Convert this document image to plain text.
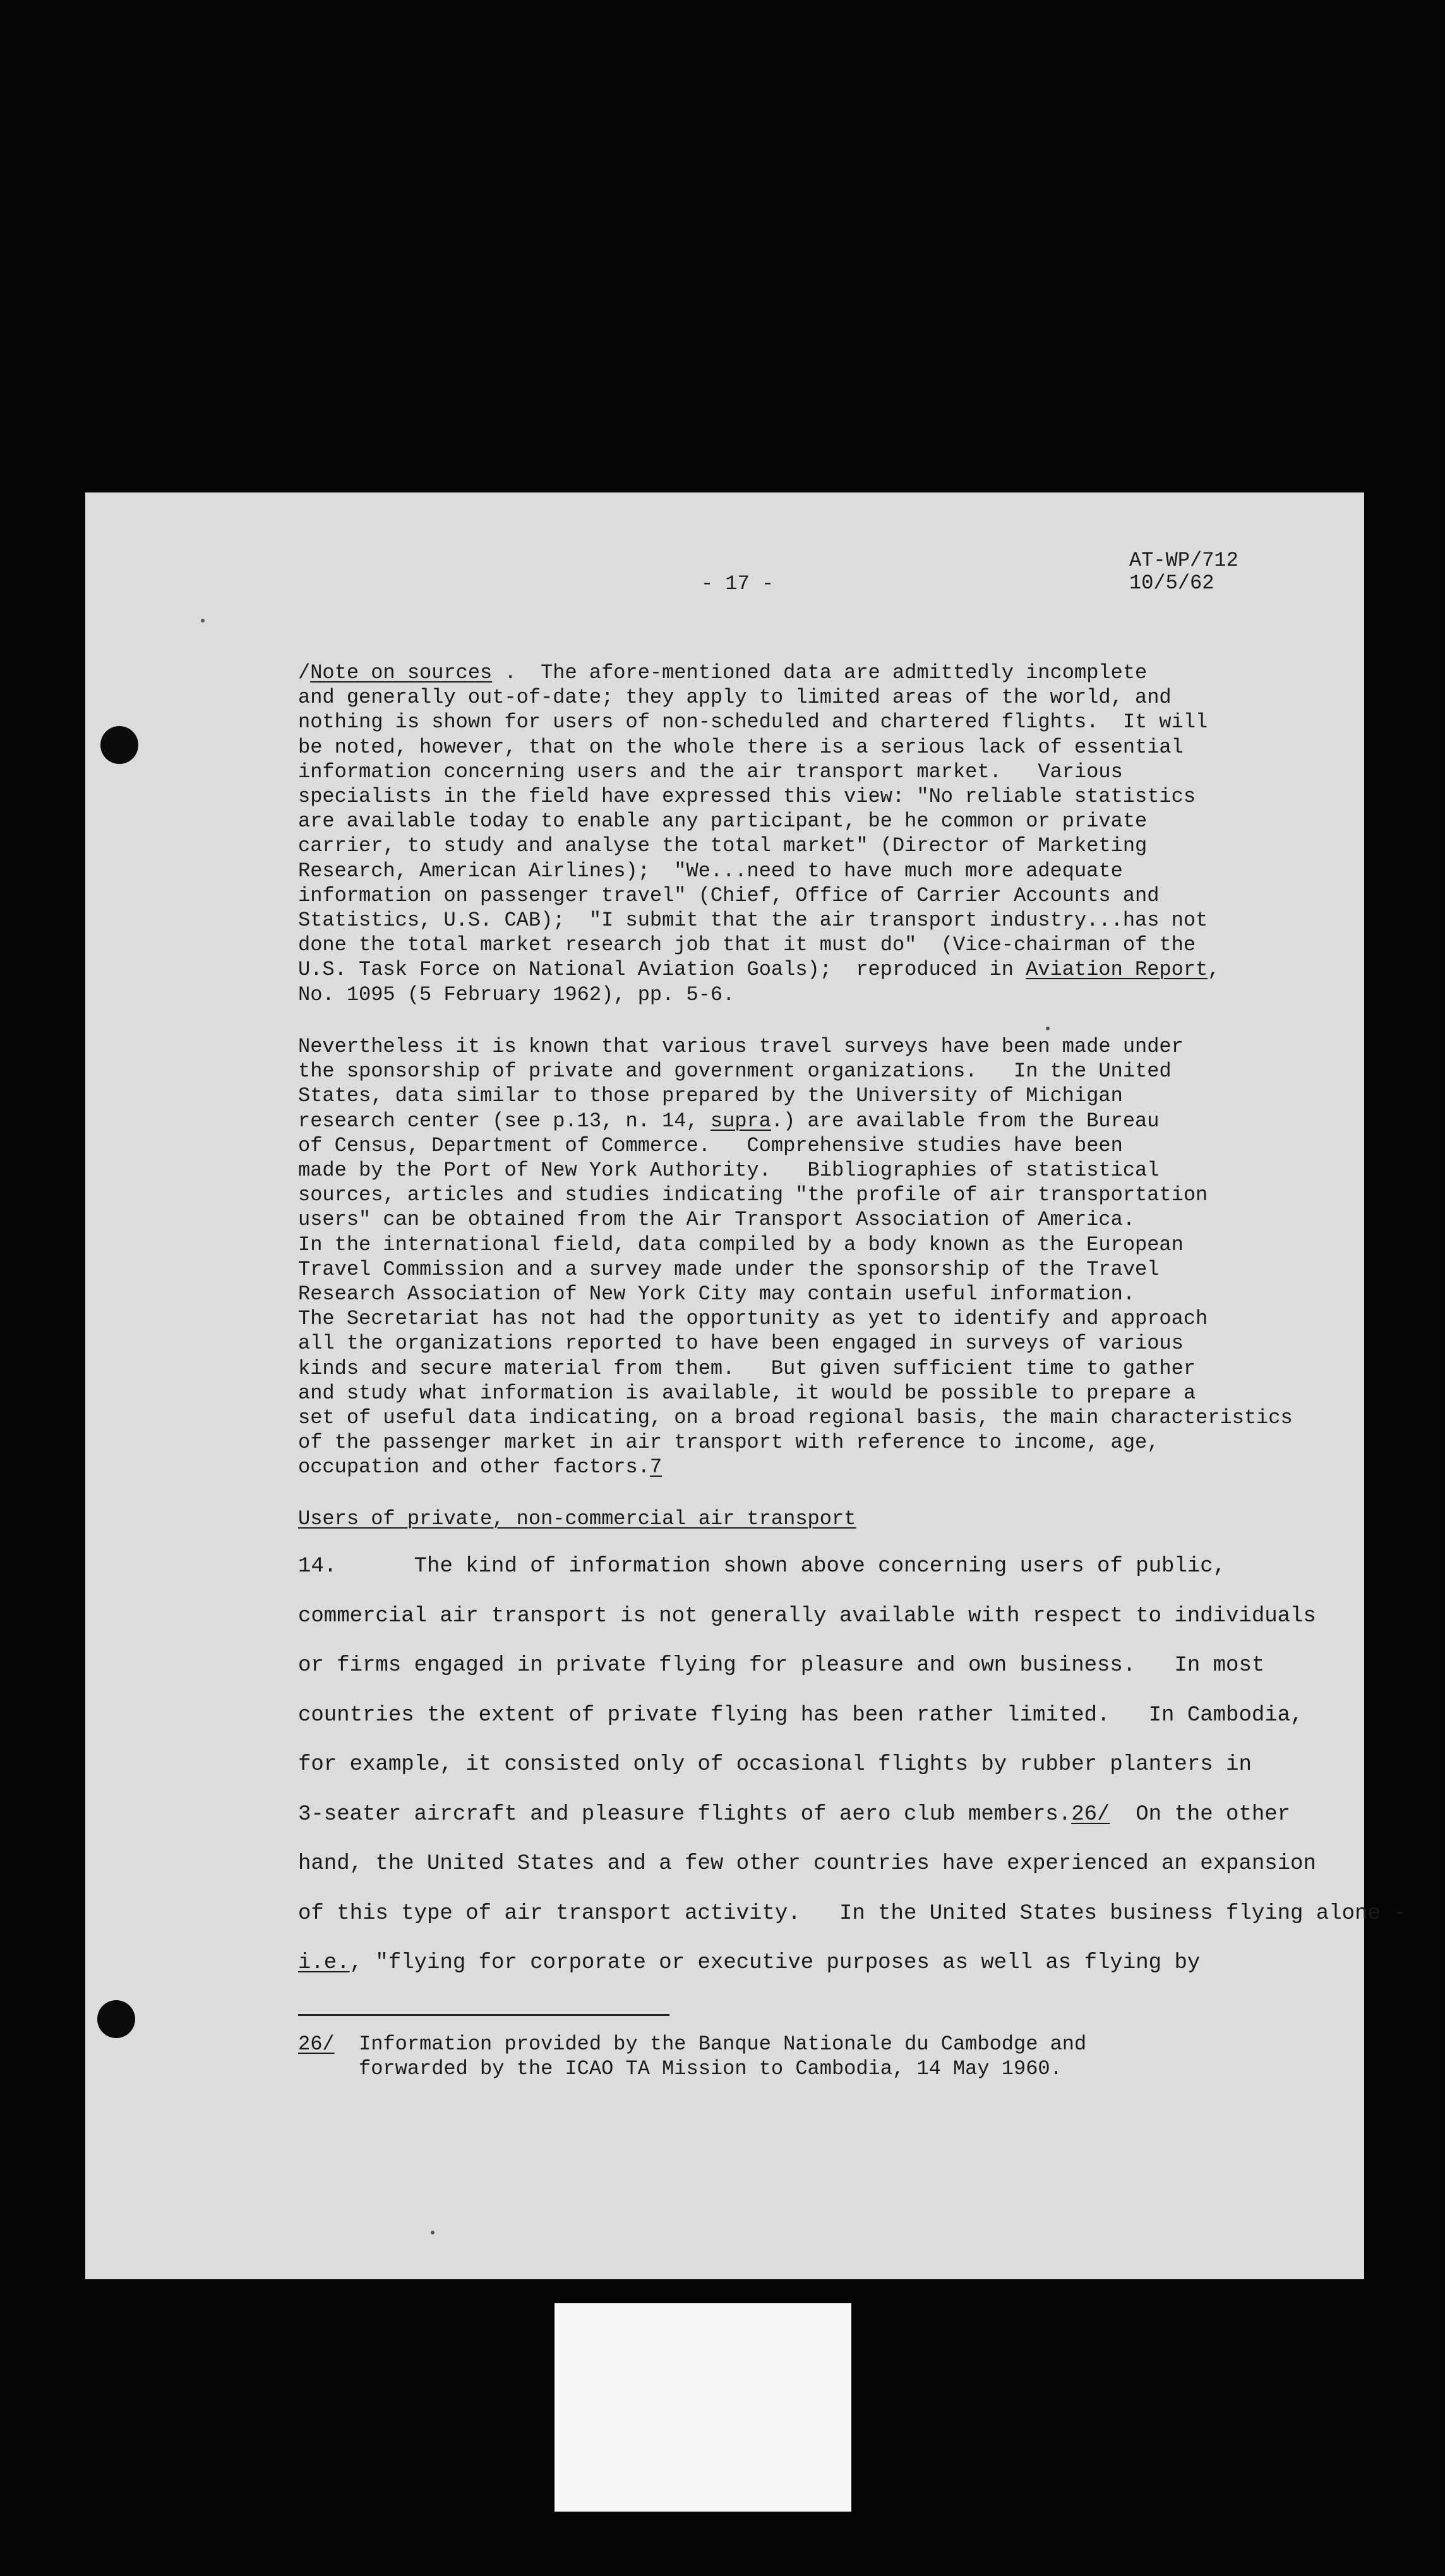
- 17 -
AT-WP/712
10/5/62
/Note on sources .  The afore-mentioned data are admittedly incomplete
and generally out-of-date; they apply to limited areas of the world, and
nothing is shown for users of non-scheduled and chartered flights.  It will
be noted, however, that on the whole there is a serious lack of essential
information concerning users and the air transport market.   Various
specialists in the field have expressed this view: "No reliable statistics
are available today to enable any participant, be he common or private
carrier, to study and analyse the total market" (Director of Marketing
Research, American Airlines);  "We...need to have much more adequate
information on passenger travel" (Chief, Office of Carrier Accounts and
Statistics, U.S. CAB);  "I submit that the air transport industry...has not
done the total market research job that it must do"  (Vice-chairman of the
U.S. Task Force on National Aviation Goals);  reproduced in Aviation Report,
No. 1095 (5 February 1962), pp. 5-6.
Nevertheless it is known that various travel surveys have been made under
the sponsorship of private and government organizations.   In the United
States, data similar to those prepared by the University of Michigan
research center (see p.13, n. 14, supra.) are available from the Bureau
of Census, Department of Commerce.   Comprehensive studies have been
made by the Port of New York Authority.   Bibliographies of statistical
sources, articles and studies indicating "the profile of air transportation
users" can be obtained from the Air Transport Association of America.
In the international field, data compiled by a body known as the European
Travel Commission and a survey made under the sponsorship of the Travel
Research Association of New York City may contain useful information.
The Secretariat has not had the opportunity as yet to identify and approach
all the organizations reported to have been engaged in surveys of various
kinds and secure material from them.   But given sufficient time to gather
and study what information is available, it would be possible to prepare a
set of useful data indicating, on a broad regional basis, the main characteristics
of the passenger market in air transport with reference to income, age,
occupation and other factors.7
Users of private, non-commercial air transport
14.	The kind of information shown above concerning users of public,
commercial air transport is not generally available with respect to individuals
or firms engaged in private flying for pleasure and own business.   In most
countries the extent of private flying has been rather limited.   In Cambodia,
for example, it consisted only of occasional flights by rubber planters in
3-seater aircraft and pleasure flights of aero club members.26/  On the other
hand, the United States and a few other countries have experienced an expansion
of this type of air transport activity.   In the United States business flying alone -
i.e., "flying for corporate or executive purposes as well as flying by
26/ Information provided by the Banque Nationale du Cambodge and
forwarded by the ICAO TA Mission to Cambodia, 14 May 1960.
